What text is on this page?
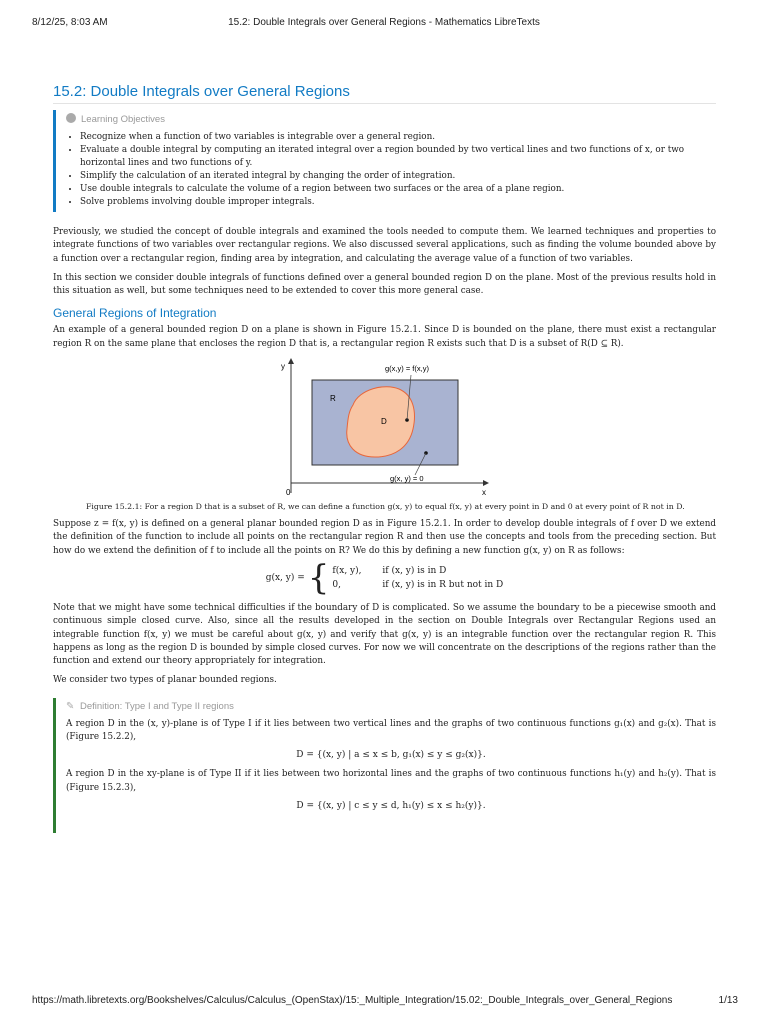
8/12/25, 8:03 AM	15.2: Double Integrals over General Regions - Mathematics LibreTexts
15.2: Double Integrals over General Regions
Learning Objectives
• Recognize when a function of two variables is integrable over a general region.
• Evaluate a double integral by computing an iterated integral over a region bounded by two vertical lines and two functions of x, or two horizontal lines and two functions of y.
• Simplify the calculation of an iterated integral by changing the order of integration.
• Use double integrals to calculate the volume of a region between two surfaces or the area of a plane region.
• Solve problems involving double improper integrals.

Previously, we studied the concept of double integrals and examined the tools needed to compute them. We learned techniques and properties to integrate functions of two variables over rectangular regions. We also discussed several applications, such as finding the volume bounded above by a function over a rectangular region, finding area by integration, and calculating the average value of a function of two variables.

In this section we consider double integrals of functions defined over a general bounded region D on the plane. Most of the previous results hold in this situation as well, but some techniques need to be extended to cover this more general case.

General Regions of Integration

An example of a general bounded region D on a plane is shown in Figure 15.2.1. Since D is bounded on the plane, there must exist a rectangular region R on the same plane that encloses the region D that is, a rectangular region R exists such that D is a subset of R(D ⊆ R).

y
x
0
R
D
g(x,y) = f(x,y)
g(x, y) = 0
Figure 15.2.1: For a region D that is a subset of R, we can define a function g(x, y) to equal f(x, y) at every point in D and 0 at every point of R not in D.

Suppose z = f(x, y) is defined on a general planar bounded region D as in Figure 15.2.1. In order to develop double integrals of f over D we extend the definition of the function to include all points on the rectangular region R and then use the concepts and tools from the preceding section. But how do we extend the definition of f to include all the points on R? We do this by defining a new function g(x, y) on R as follows:

g(x, y) = { f(x, y), if (x, y) is in D
0,	if (x, y) is in R but not in D

Note that we might have some technical difficulties if the boundary of D is complicated. So we assume the boundary to be a piecewise smooth and continuous simple closed curve. Also, since all the results developed in the section on Double Integrals over Rectangular Regions used an integrable function f(x, y) we must be careful about g(x, y) and verify that g(x, y) is an integrable function over the rectangular region R. This happens as long as the region D is bounded by simple closed curves. For now we will concentrate on the descriptions of the regions rather than the function and extend our theory appropriately for integration.

We consider two types of planar bounded regions.

✎ Definition: Type I and Type II regions

A region D in the (x, y)-plane is of Type I if it lies between two vertical lines and the graphs of two continuous functions g₁(x) and g₂(x). That is (Figure 15.2.2),

D = {(x, y) | a ≤ x ≤ b, g₁(x) ≤ y ≤ g₂(x)}.

A region D in the xy-plane is of Type II if it lies between two horizontal lines and the graphs of two continuous functions h₁(y) and h₂(y). That is (Figure 15.2.3),

D = {(x, y) | c ≤ y ≤ d, h₁(y) ≤ x ≤ h₂(y)}.
https://math.libretexts.org/Bookshelves/Calculus/Calculus_(OpenStax)/15:_Multiple_Integration/15.02:_Double_Integrals_over_General_Regions	1/13
